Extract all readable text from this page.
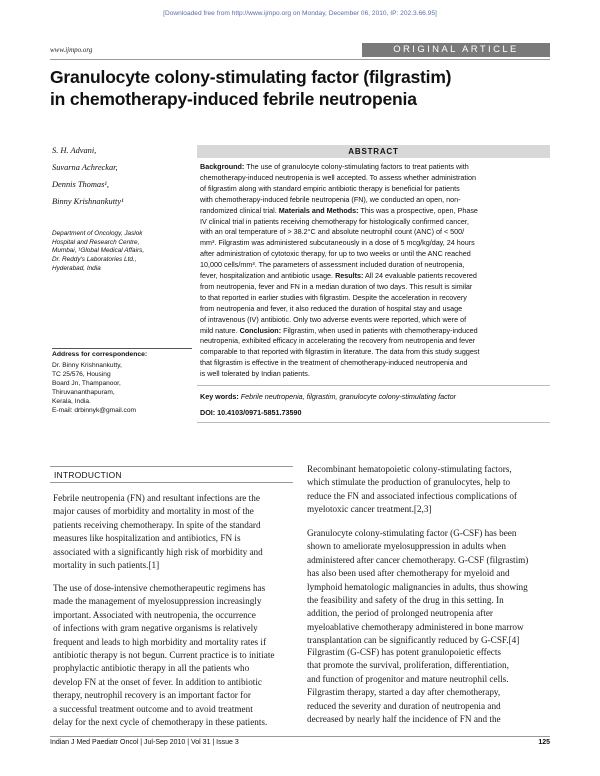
[Downloaded free from http://www.ijmpo.org on Monday, December 06, 2010, IP: 202.3.66.95]
www.ijmpo.org	ORIGINAL ARTICLE
Granulocyte colony-stimulating factor (filgrastim)
in chemotherapy-induced febrile neutropenia
S. H. Advani,
Suvarna Achreckar,
Dennis Thomas¹,
Binny Krishnankutty¹
Department of Oncology, Jaslok
Hospital and Research Centre,
Mumbai, ¹Global Medical Affairs,
Dr. Reddy's Laboratories Ltd.,
Hyderabad, India
Address for correspondence:
Dr. Binny Krishnankutty,
TC 25/576, Housing
Board Jn, Thampanoor,
Thiruvananthapuram,
Kerala, India.
E-mail: drbinnyk@gmail.com
ABSTRACT
Background: The use of granulocyte colony-stimulating factors to treat patients with
chemotherapy-induced neutropenia is well accepted. To assess whether administration
of filgrastim along with standard empiric antibiotic therapy is beneficial for patients
with chemotherapy-induced febrile neutropenia (FN), we conducted an open, non-
randomized clinical trial. Materials and Methods: This was a prospective, open, Phase
IV clinical trial in patients receiving chemotherapy for histologically confirmed cancer,
with an oral temperature of > 38.2°C and absolute neutrophil count (ANC) of < 500/
mm³. Filgrastim was administered subcutaneously in a dose of 5 mcg/kg/day, 24 hours
after administration of cytotoxic therapy, for up to two weeks or until the ANC reached
10,000 cells/mm³. The parameters of assessment included duration of neutropenia,
fever, hospitalization and antibiotic usage. Results: All 24 evaluable patients recovered
from neutropenia, fever and FN in a median duration of two days. This result is similar
to that reported in earlier studies with filgrastim. Despite the acceleration in recovery
from neutropenia and fever, it also reduced the duration of hospital stay and usage
of intravenous (IV) antibiotic. Only two adverse events were reported, which were of
mild nature. Conclusion: Filgrastim, when used in patients with chemotherapy-induced
neutropenia, exhibited efficacy in accelerating the recovery from neutropenia and fever
comparable to that reported with filgrastim in literature. The data from this study suggest
that filgrastim is effective in the treatment of chemotherapy-induced neutropenia and
is well tolerated by Indian patients.
Key words: Febrile neutropenia, filgrastim, granulocyte colony-stimulating factor
DOI: 10.4103/0971-5851.73590
INTRODUCTION
Febrile neutropenia (FN) and resultant infections are the
major causes of morbidity and mortality in most of the
patients receiving chemotherapy. In spite of the standard
measures like hospitalization and antibiotics, FN is
associated with a significantly high risk of morbidity and
mortality in such patients.[1]
The use of dose-intensive chemotherapeutic regimens has
made the management of myelosuppression increasingly
important. Associated with neutropenia, the occurrence
of infections with gram negative organisms is relatively
frequent and leads to high morbidity and mortality rates if
antibiotic therapy is not begun. Current practice is to initiate
prophylactic antibiotic therapy in all the patients who
develop FN at the onset of fever. In addition to antibiotic
therapy, neutrophil recovery is an important factor for
a successful treatment outcome and to avoid treatment
delay for the next cycle of chemotherapy in these patients.
Recombinant hematopoietic colony-stimulating factors,
which stimulate the production of granulocytes, help to
reduce the FN and associated infectious complications of
myelotoxic cancer treatment.[2,3]
Granulocyte colony-stimulating factor (G-CSF) has been
shown to ameliorate myelosuppression in adults when
administered after cancer chemotherapy. G-CSF (filgrastim)
has also been used after chemotherapy for myeloid and
lymphoid hematologic malignancies in adults, thus showing
the feasibility and safety of the drug in this setting. In
addition, the period of prolonged neutropenia after
myeloablative chemotherapy administered in bone marrow
transplantation can be significantly reduced by G-CSF.[4]
Filgrastim (G-CSF) has potent granulopoietic effects
that promote the survival, proliferation, differentiation,
and function of progenitor and mature neutrophil cells.
Filgrastim therapy, started a day after chemotherapy,
reduced the severity and duration of neutropenia and
decreased by nearly half the incidence of FN and the
Indian J Med Paediatr Oncol | Jul-Sep 2010 | Vol 31 | Issue 3	125
